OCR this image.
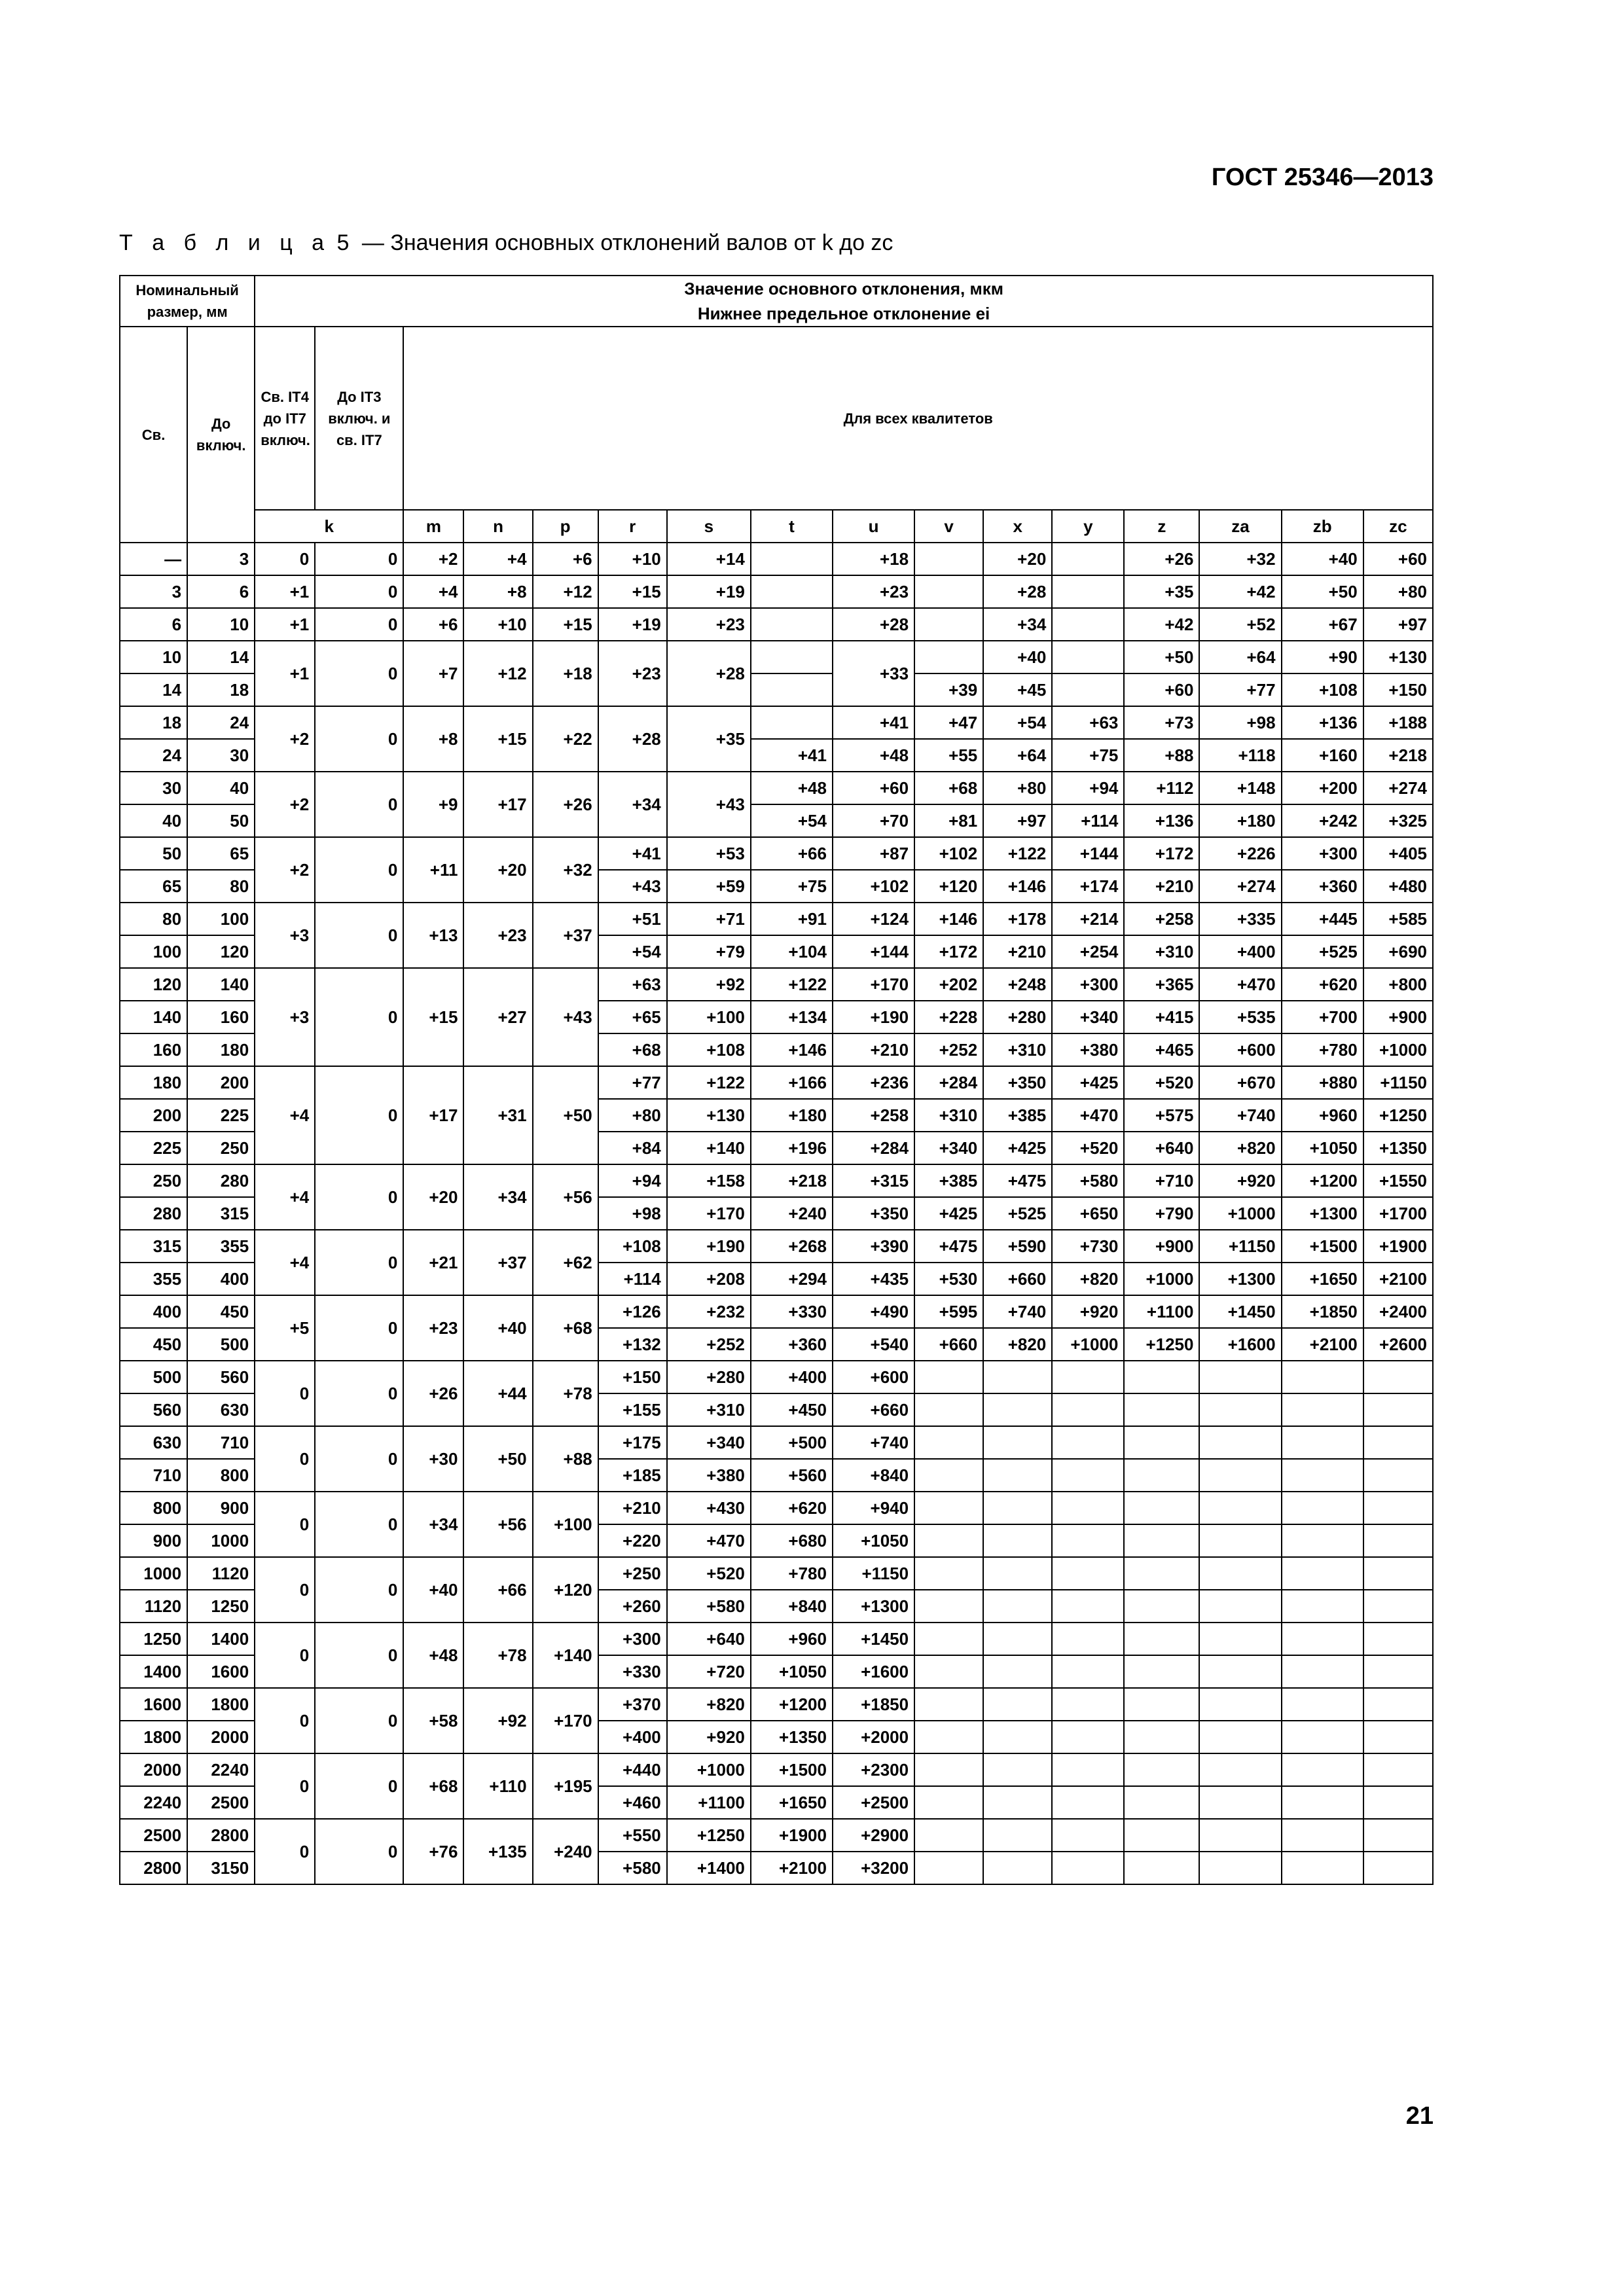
ГОСТ 25346—2013
Т а б л и ц а 5 — Значения основных отклонений валов от k до zc
Номинальный размер, мм		Значение основного отклонения, мкм
Нижнее предельное отклонение ei															

Св.	До включ.	Св. IT4 до IT7 включ.	До IT3 включ. и св. IT7	Для всех квалитетов													
		k		m	n	p	r	s	t	u	v	x	y	z	za	zb	zc
—	3	0	0	+2	+4	+6	+10	+14		+18		+20		+26	+32	+40	+60
3	6	+1	0	+4	+8	+12	+15	+19		+23		+28		+35	+42	+50	+80
6	10	+1	0	+6	+10	+15	+19	+23		+28		+34		+42	+52	+67	+97
10	14	+1	0	+7	+12	+18	+23	+28		+33		+40		+50	+64	+90	+130
14	18										+39	+45		+60	+77	+108	+150
18	24	+2	0	+8	+15	+22	+28	+35		+41	+47	+54	+63	+73	+98	+136	+188
24	30								+41	+48	+55	+64	+75	+88	+118	+160	+218
30	40	+2	0	+9	+17	+26	+34	+43	+48	+60	+68	+80	+94	+112	+148	+200	+274
40	50								+54	+70	+81	+97	+114	+136	+180	+242	+325
50	65	+2	0	+11	+20	+32	+41	+53	+66	+87	+102	+122	+144	+172	+226	+300	+405
65	80						+43	+59	+75	+102	+120	+146	+174	+210	+274	+360	+480
80	100	+3	0	+13	+23	+37	+51	+71	+91	+124	+146	+178	+214	+258	+335	+445	+585
100	120						+54	+79	+104	+144	+172	+210	+254	+310	+400	+525	+690
120	140	+3	0	+15	+27	+43	+63	+92	+122	+170	+202	+248	+300	+365	+470	+620	+800
140	160						+65	+100	+134	+190	+228	+280	+340	+415	+535	+700	+900
160	180						+68	+108	+146	+210	+252	+310	+380	+465	+600	+780	+1000
180	200	+4	0	+17	+31	+50	+77	+122	+166	+236	+284	+350	+425	+520	+670	+880	+1150
200	225						+80	+130	+180	+258	+310	+385	+470	+575	+740	+960	+1250
225	250						+84	+140	+196	+284	+340	+425	+520	+640	+820	+1050	+1350
250	280	+4	0	+20	+34	+56	+94	+158	+218	+315	+385	+475	+580	+710	+920	+1200	+1550
280	315						+98	+170	+240	+350	+425	+525	+650	+790	+1000	+1300	+1700
315	355	+4	0	+21	+37	+62	+108	+190	+268	+390	+475	+590	+730	+900	+1150	+1500	+1900
355	400						+114	+208	+294	+435	+530	+660	+820	+1000	+1300	+1650	+2100
400	450	+5	0	+23	+40	+68	+126	+232	+330	+490	+595	+740	+920	+1100	+1450	+1850	+2400
450	500						+132	+252	+360	+540	+660	+820	+1000	+1250	+1600	+2100	+2600
500	560	0	0	+26	+44	+78	+150	+280	+400	+600							
560	630						+155	+310	+450	+660							
630	710	0	0	+30	+50	+88	+175	+340	+500	+740							
710	800						+185	+380	+560	+840							
800	900	0	0	+34	+56	+100	+210	+430	+620	+940							
900	1000						+220	+470	+680	+1050							
1000	1120	0	0	+40	+66	+120	+250	+520	+780	+1150							
1120	1250						+260	+580	+840	+1300							
1250	1400	0	0	+48	+78	+140	+300	+640	+960	+1450							
1400	1600						+330	+720	+1050	+1600							
1600	1800	0	0	+58	+92	+170	+370	+820	+1200	+1850							
1800	2000						+400	+920	+1350	+2000							
2000	2240	0	0	+68	+110	+195	+440	+1000	+1500	+2300							
2240	2500						+460	+1100	+1650	+2500							
2500	2800	0	0	+76	+135	+240	+550	+1250	+1900	+2900							
2800	3150						+580	+1400	+2100	+3200							
21
